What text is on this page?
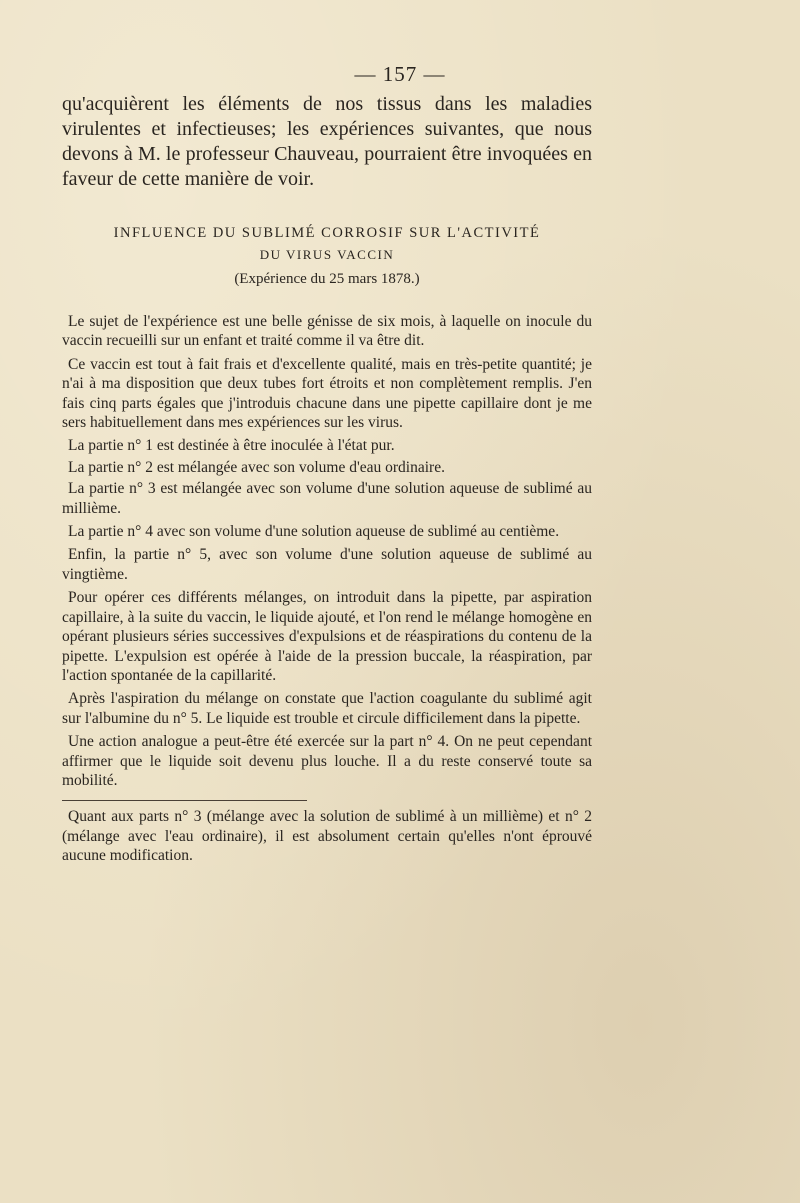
— 157 —

qu'acquièrent les éléments de nos tissus dans les maladies virulentes et infectieuses; les expériences suivantes, que nous devons à M. le professeur Chauveau, pourraient être invoquées en faveur de cette manière de voir.

INFLUENCE DU SUBLIMÉ CORROSIF SUR L'ACTIVITÉ

DU VIRUS VACCIN

(Expérience du 25 mars 1878.)

Le sujet de l'expérience est une belle génisse de six mois, à laquelle on inocule du vaccin recueilli sur un enfant et traité comme il va être dit.

Ce vaccin est tout à fait frais et d'excellente qualité, mais en très-petite quantité; je n'ai à ma disposition que deux tubes fort étroits et non complètement remplis. J'en fais cinq parts égales que j'introduis chacune dans une pipette capillaire dont je me sers habituellement dans mes expériences sur les virus.

La partie n° 1 est destinée à être inoculée à l'état pur.

La partie n° 2 est mélangée avec son volume d'eau ordinaire.

La partie n° 3 est mélangée avec son volume d'une solution aqueuse de sublimé au millième.

La partie n° 4 avec son volume d'une solution aqueuse de sublimé au centième.

Enfin, la partie n° 5, avec son volume d'une solution aqueuse de sublimé au vingtième.

Pour opérer ces différents mélanges, on introduit dans la pipette, par aspiration capillaire, à la suite du vaccin, le liquide ajouté, et l'on rend le mélange homogène en opérant plusieurs séries successives d'expulsions et de réaspirations du contenu de la pipette. L'expulsion est opérée à l'aide de la pression buccale, la réaspiration, par l'action spontanée de la capillarité.

Après l'aspiration du mélange on constate que l'action coagulante du sublimé agit sur l'albumine du n° 5. Le liquide est trouble et circule difficilement dans la pipette.

Une action analogue a peut-être été exercée sur la part n° 4. On ne peut cependant affirmer que le liquide soit devenu plus louche. Il a du reste conservé toute sa mobilité.

Quant aux parts n° 3 (mélange avec la solution de sublimé à un millième) et n° 2 (mélange avec l'eau ordinaire), il est absolument certain qu'elles n'ont éprouvé aucune modification.
